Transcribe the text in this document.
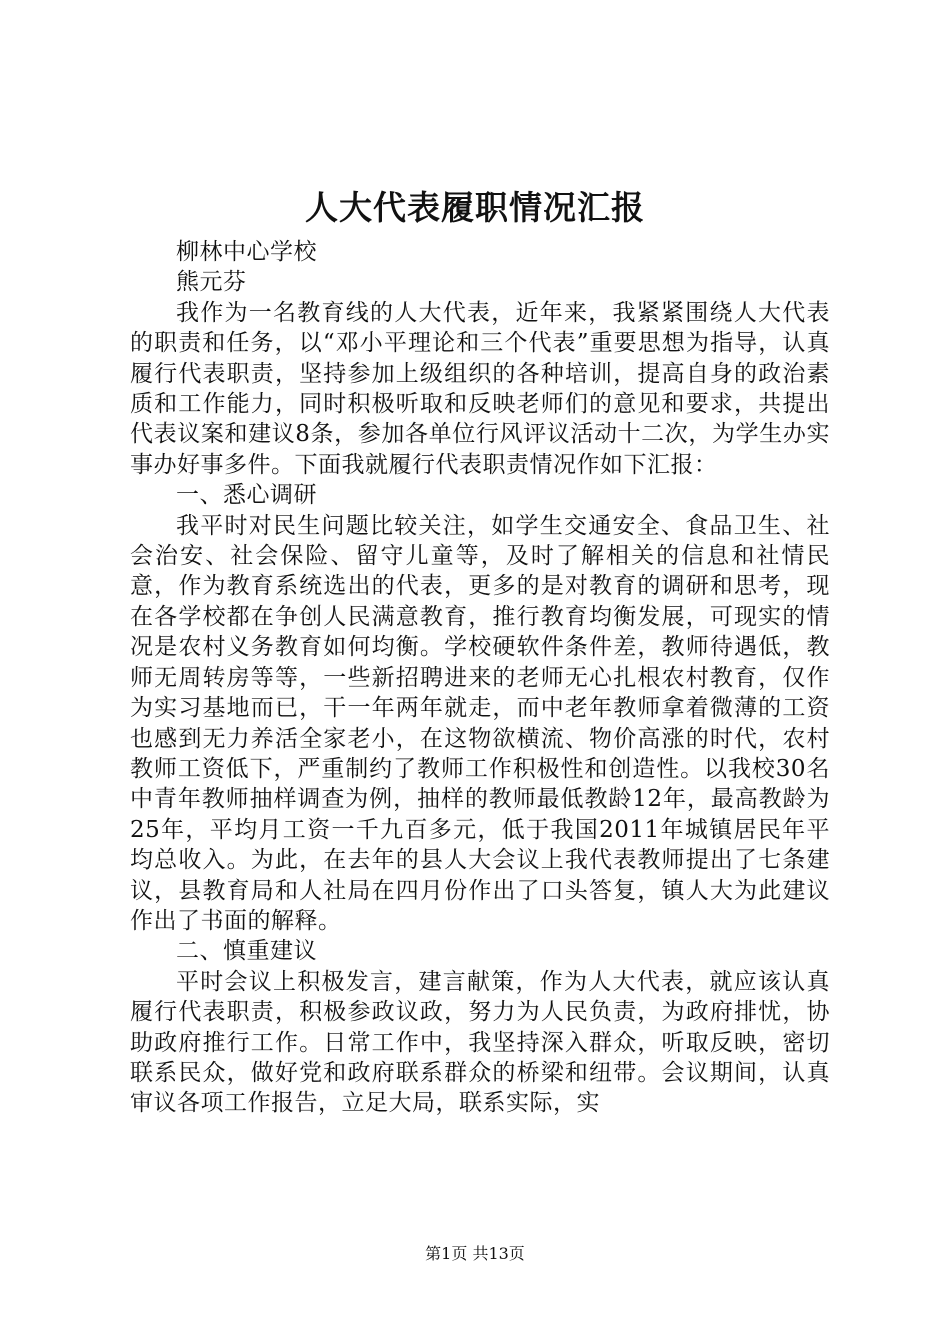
人大代表履职情况汇报

柳林中心学校

熊元芬

我作为一名教育线的人大代表，近年来，我紧紧围绕人大代表的职责和任务，以“邓小平理论和三个代表”重要思想为指导，认真履行代表职责，坚持参加上级组织的各种培训，提高自身的政治素质和工作能力，同时积极听取和反映老师们的意见和要求，共提出代表议案和建议8条，参加各单位行风评议活动十二次，为学生办实事办好事多件。下面我就履行代表职责情况作如下汇报：

一、悉心调研

我平时对民生问题比较关注，如学生交通安全、食品卫生、社会治安、社会保险、留守儿童等，及时了解相关的信息和社情民意，作为教育系统选出的代表，更多的是对教育的调研和思考，现在各学校都在争创人民满意教育，推行教育均衡发展，可现实的情况是农村义务教育如何均衡。学校硬软件条件差，教师待遇低，教师无周转房等等，一些新招聘进来的老师无心扎根农村教育，仅作为实习基地而已，干一年两年就走，而中老年教师拿着微薄的工资也感到无力养活全家老小，在这物欲横流、物价高涨的时代，农村教师工资低下，严重制约了教师工作积极性和创造性。以我校30名中青年教师抽样调查为例，抽样的教师最低教龄12年，最高教龄为25年，平均月工资一千九百多元，低于我国2011年城镇居民年平均总收入。为此，在去年的县人大会议上我代表教师提出了七条建议，县教育局和人社局在四月份作出了口头答复，镇人大为此建议作出了书面的解释。

二、慎重建议

平时会议上积极发言，建言献策，作为人大代表，就应该认真履行代表职责，积极参政议政，努力为人民负责，为政府排忧，协助政府推行工作。日常工作中，我坚持深入群众，听取反映，密切联系民众，做好党和政府联系群众的桥梁和纽带。会议期间，认真审议各项工作报告，立足大局，联系实际，实

第1页 共13页
